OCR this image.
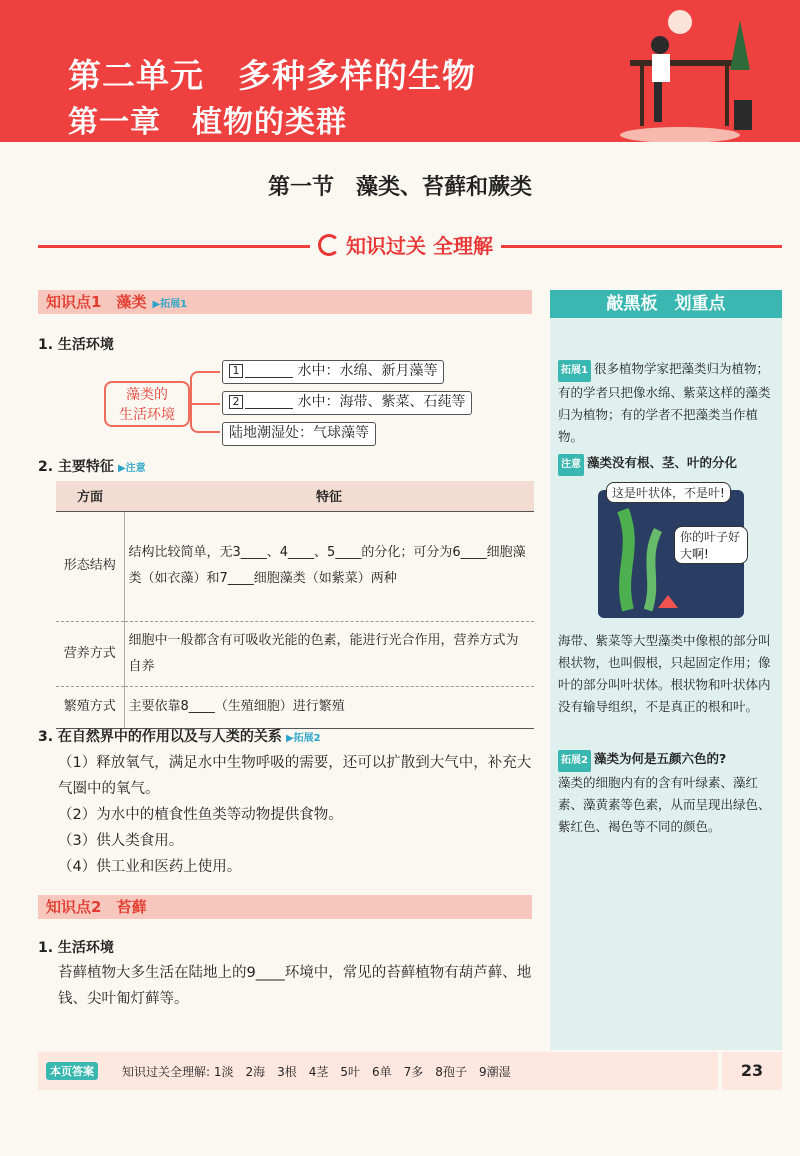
第二单元　多种多样的生物
第一章　植物的类群
第一节　藻类、苔藓和蕨类
知识过关 全理解
知识点1　藻类 ▶拓展1
1. 生活环境
藻类的
生活环境
1	水中：水绵、新月藻等
2	水中：海带、紫菜、石莼等
陆地潮湿处：气球藻等
2. 主要特征 ▶注意
方面	特征
形态结构	结构比较简单，无3____、4____、5____的分化；可分为6____细胞藻类（如衣藻）和7____细胞藻类（如紫菜）两种
营养方式	细胞中一般都含有可吸收光能的色素，能进行光合作用，营养方式为自养
繁殖方式	主要依靠8____（生殖细胞）进行繁殖
3. 在自然界中的作用以及与人类的关系 ▶拓展2
（1）释放氧气，满足水中生物呼吸的需要，还可以扩散到大气中，补充大气圈中的氧气。
（2）为水中的植食性鱼类等动物提供食物。
（3）供人类食用。
（4）供工业和医药上使用。
知识点2　苔藓
1. 生活环境
苔藓植物大多生活在陆地上的9____环境中，常见的苔藓植物有葫芦藓、地钱、尖叶匍灯藓等。
敲黑板　划重点
拓展1 很多植物学家把藻类归为植物；有的学者只把像水绵、紫菜这样的藻类归为植物；有的学者不把藻类当作植物。
注意 藻类没有根、茎、叶的分化
这是叶状体，不是叶!
你的叶子好大啊!
海带、紫菜等大型藻类中像根的部分叫根状物，也叫假根，只起固定作用；像叶的部分叫叶状体。根状物和叶状体内没有输导组织，不是真正的根和叶。
拓展2 藻类为何是五颜六色的?
藻类的细胞内有的含有叶绿素、藻红素、藻黄素等色素，从而呈现出绿色、紫红色、褐色等不同的颜色。
本页答案	知识过关全理解: 1淡　2海　3根　4茎　5叶　6单　7多　8孢子　9潮湿	23
